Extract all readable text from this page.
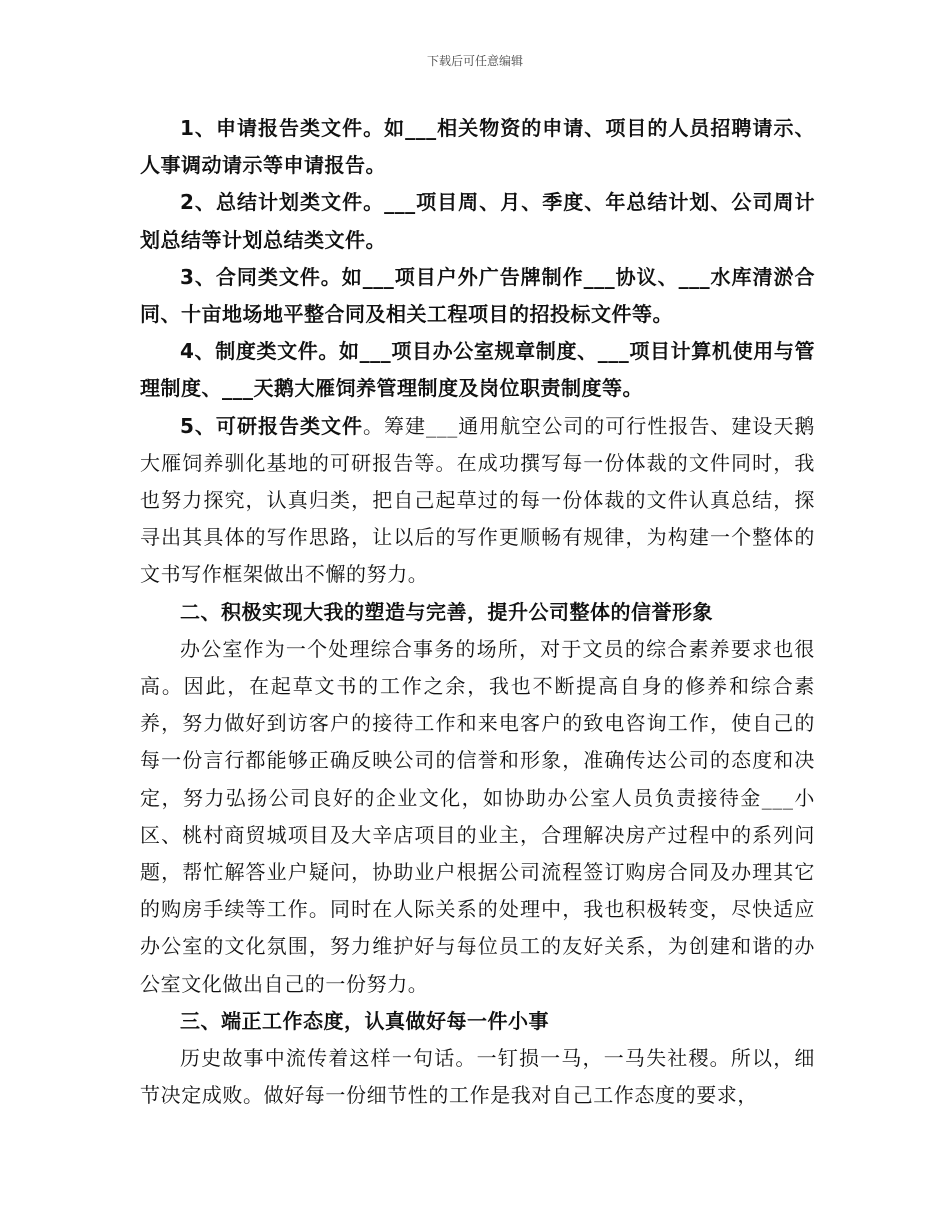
下载后可任意编辑

1、申请报告类文件。如___相关物资的申请、项目的人员招聘请示、人事调动请示等申请报告。

2、总结计划类文件。___项目周、月、季度、年总结计划、公司周计划总结等计划总结类文件。

3、合同类文件。如___项目户外广告牌制作___协议、___水库清淤合同、十亩地场地平整合同及相关工程项目的招投标文件等。

4、制度类文件。如___项目办公室规章制度、___项目计算机使用与管理制度、___天鹅大雁饲养管理制度及岗位职责制度等。

5、可研报告类文件。筹建___通用航空公司的可行性报告、建设天鹅大雁饲养驯化基地的可研报告等。在成功撰写每一份体裁的文件同时，我也努力探究，认真归类，把自己起草过的每一份体裁的文件认真总结，探寻出其具体的写作思路，让以后的写作更顺畅有规律，为构建一个整体的文书写作框架做出不懈的努力。

二、积极实现大我的塑造与完善，提升公司整体的信誉形象

办公室作为一个处理综合事务的场所，对于文员的综合素养要求也很高。因此，在起草文书的工作之余，我也不断提高自身的修养和综合素养，努力做好到访客户的接待工作和来电客户的致电咨询工作，使自己的每一份言行都能够正确反映公司的信誉和形象，准确传达公司的态度和决定，努力弘扬公司良好的企业文化，如协助办公室人员负责接待金___小区、桃村商贸城项目及大辛店项目的业主，合理解决房产过程中的系列问题，帮忙解答业户疑问，协助业户根据公司流程签订购房合同及办理其它的购房手续等工作。同时在人际关系的处理中，我也积极转变，尽快适应办公室的文化氛围，努力维护好与每位员工的友好关系，为创建和谐的办公室文化做出自己的一份努力。

三、端正工作态度，认真做好每一件小事

历史故事中流传着这样一句话。一钉损一马，一马失社稷。所以，细节决定成败。做好每一份细节性的工作是我对自己工作态度的要求，
